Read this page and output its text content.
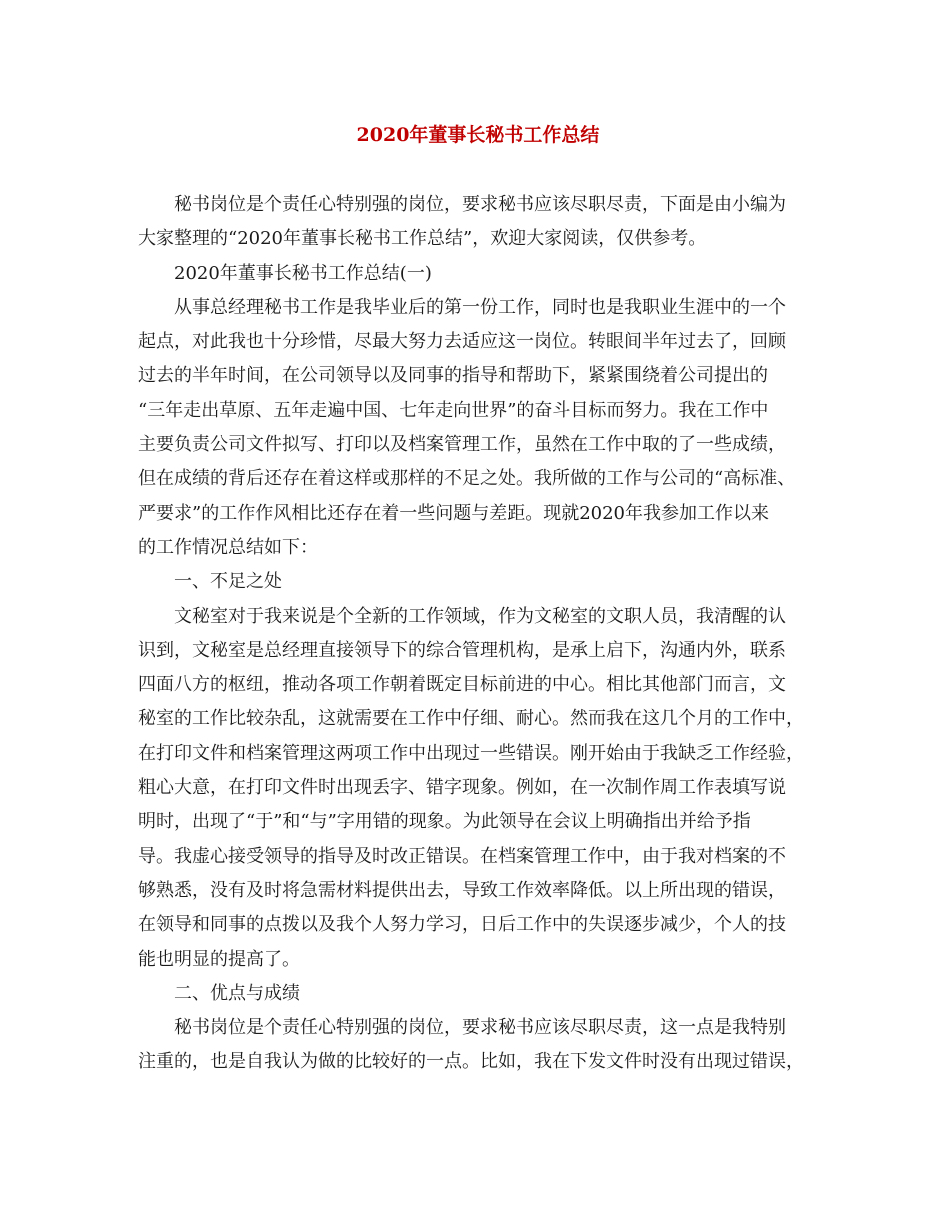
2020年董事长秘书工作总结

秘书岗位是个责任心特别强的岗位，要求秘书应该尽职尽责，下面是由小编为

大家整理的“2020年董事长秘书工作总结”，欢迎大家阅读，仅供参考。

2020年董事长秘书工作总结(一)

从事总经理秘书工作是我毕业后的第一份工作，同时也是我职业生涯中的一个

起点，对此我也十分珍惜，尽最大努力去适应这一岗位。转眼间半年过去了，回顾

过去的半年时间，在公司领导以及同事的指导和帮助下，紧紧围绕着公司提出的

“三年走出草原、五年走遍中国、七年走向世界”的奋斗目标而努力。我在工作中

主要负责公司文件拟写、打印以及档案管理工作，虽然在工作中取的了一些成绩，

但在成绩的背后还存在着这样或那样的不足之处。我所做的工作与公司的“高标准、

严要求”的工作作风相比还存在着一些问题与差距。现就2020年我参加工作以来

的工作情况总结如下：

一、不足之处

文秘室对于我来说是个全新的工作领域，作为文秘室的文职人员，我清醒的认

识到，文秘室是总经理直接领导下的综合管理机构，是承上启下，沟通内外，联系

四面八方的枢纽，推动各项工作朝着既定目标前进的中心。相比其他部门而言，文

秘室的工作比较杂乱，这就需要在工作中仔细、耐心。然而我在这几个月的工作中，

在打印文件和档案管理这两项工作中出现过一些错误。刚开始由于我缺乏工作经验，

粗心大意，在打印文件时出现丢字、错字现象。例如，在一次制作周工作表填写说

明时，出现了“于”和“与”字用错的现象。为此领导在会议上明确指出并给予指

导。我虚心接受领导的指导及时改正错误。在档案管理工作中，由于我对档案的不

够熟悉，没有及时将急需材料提供出去，导致工作效率降低。以上所出现的错误，

在领导和同事的点拨以及我个人努力学习，日后工作中的失误逐步减少，个人的技

能也明显的提高了。

二、优点与成绩

秘书岗位是个责任心特别强的岗位，要求秘书应该尽职尽责，这一点是我特别

注重的，也是自我认为做的比较好的一点。比如，我在下发文件时没有出现过错误，
